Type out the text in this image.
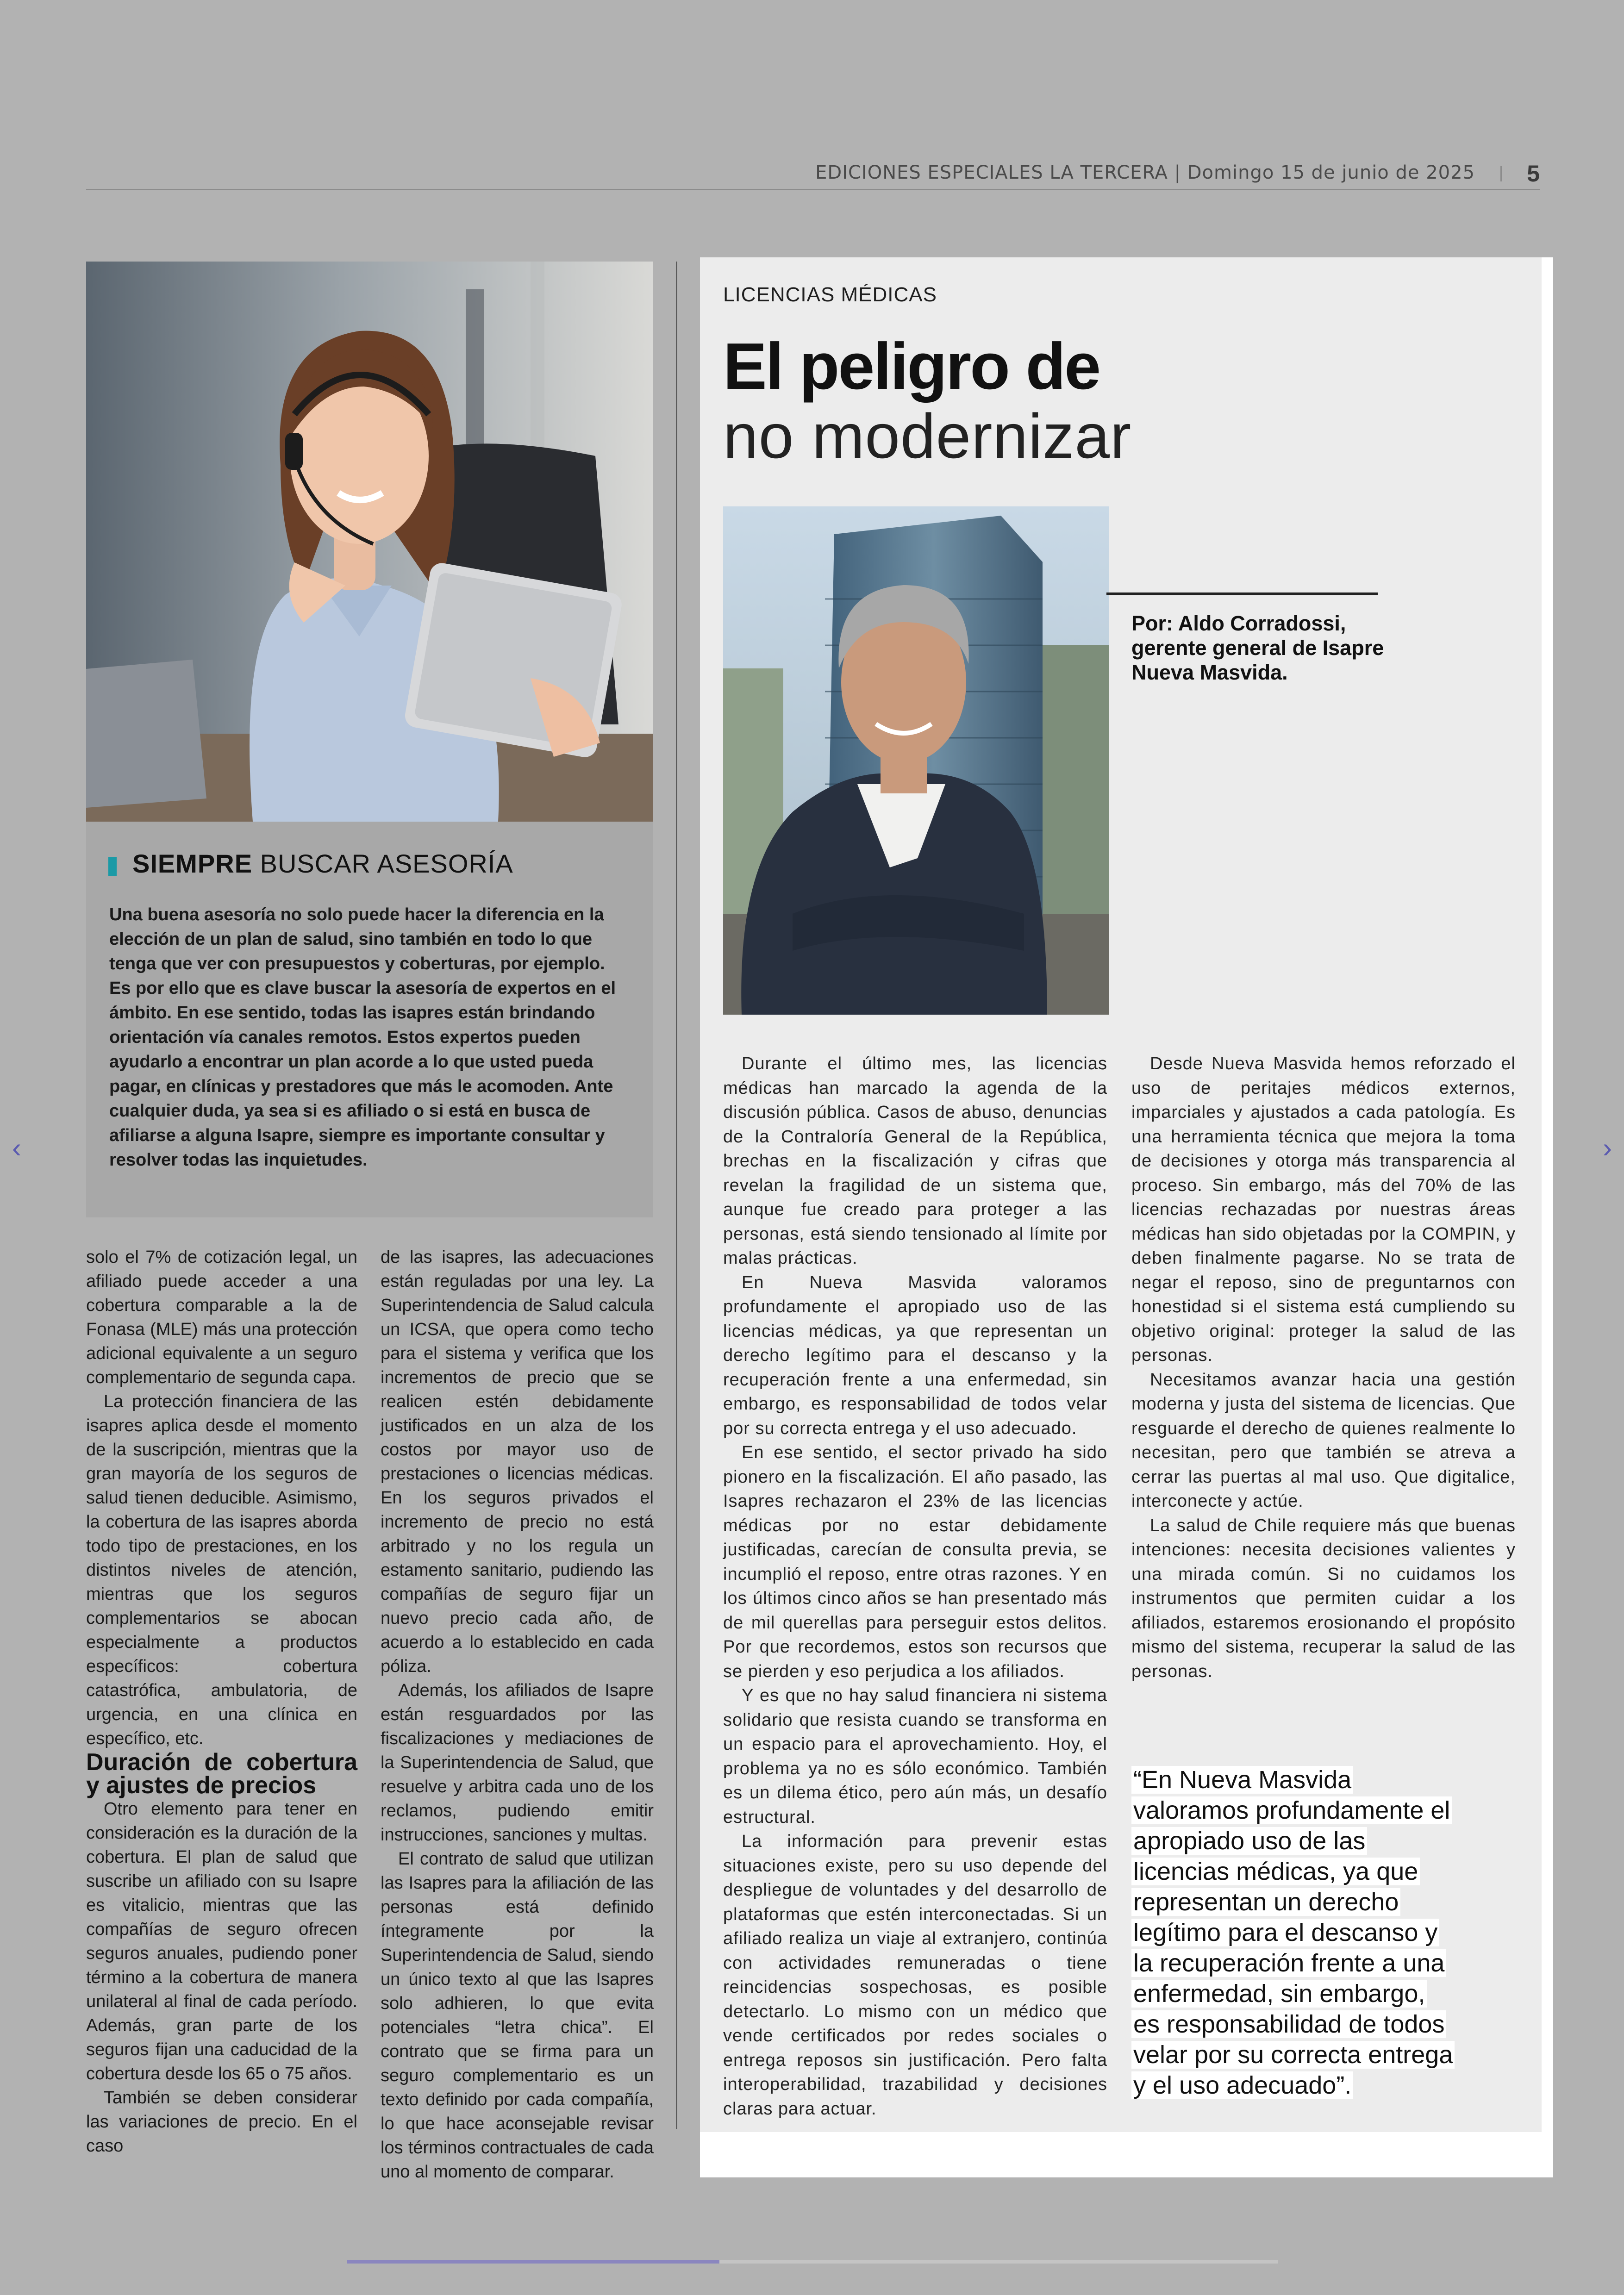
EDICIONES ESPECIALES LA TERCERA | Domingo 15 de junio de 2025 5
SIEMPRE BUSCAR ASESORÍA
Una buena asesoría no solo puede hacer la diferencia en la elección de un plan de salud, sino también en todo lo que tenga que ver con presupuestos y coberturas, por ejemplo. Es por ello que es clave buscar la asesoría de expertos en el ámbito. En ese sentido, todas las isapres están brindando orientación vía canales remotos. Estos expertos pueden ayudarlo a encontrar un plan acorde a lo que usted pueda pagar, en clínicas y prestadores que más le acomoden. Ante cualquier duda, ya sea si es afiliado o si está en busca de afiliarse a alguna Isapre, siempre es importante consultar y resolver todas las inquietudes.

solo el 7% de cotización legal, un afiliado puede acceder a una cobertura comparable a la de Fonasa (MLE) más una protección adicional equivalente a un seguro complementario de segunda capa.

La protección financiera de las isapres aplica desde el momento de la suscripción, mientras que la gran mayoría de los seguros de salud tienen deducible. Asimismo, la cobertura de las isapres aborda todo tipo de prestaciones, en los distintos niveles de atención, mientras que los seguros complementarios se abocan especialmente a productos específicos: cobertura catastrófica, ambulatoria, de urgencia, en una clínica en específico, etc.

Duración de cobertura y ajustes de precios

Otro elemento para tener en consideración es la duración de la cobertura. El plan de salud que suscribe un afiliado con su Isapre es vitalicio, mientras que las compañías de seguro ofrecen seguros anuales, pudiendo poner término a la cobertura de manera unilateral al final de cada período. Además, gran parte de los seguros fijan una caducidad de la cobertura desde los 65 o 75 años.

También se deben considerar las variaciones de precio. En el caso

de las isapres, las adecuaciones están reguladas por una ley. La Superintendencia de Salud calcula un ICSA, que opera como techo para el sistema y verifica que los incrementos de precio que se realicen estén debidamente justificados en un alza de los costos por mayor uso de prestaciones o licencias médicas. En los seguros privados el incremento de precio no está arbitrado y no los regula un estamento sanitario, pudiendo las compañías de seguro fijar un nuevo precio cada año, de acuerdo a lo establecido en cada póliza.

Además, los afiliados de Isapre están resguardados por las fiscalizaciones y mediaciones de la Superintendencia de Salud, que resuelve y arbitra cada uno de los reclamos, pudiendo emitir instrucciones, sanciones y multas.

El contrato de salud que utilizan las Isapres para la afiliación de las personas está definido íntegramente por la Superintendencia de Salud, siendo un único texto al que las Isapres solo adhieren, lo que evita potenciales “letra chica”. El contrato que se firma para un seguro complementario es un texto definido por cada compañía, lo que hace aconsejable revisar los términos contractuales de cada uno al momento de comparar.

LICENCIAS MÉDICAS
El peligro de
no modernizar
Por: Aldo Corradossi, gerente general de Isapre Nueva Masvida.

Durante el último mes, las licencias médicas han marcado la agenda de la discusión pública. Casos de abuso, denuncias de la Contraloría General de la República, brechas en la fiscalización y cifras que revelan la fragilidad de un sistema que, aunque fue creado para proteger a las personas, está siendo tensionado al límite por malas prácticas.

En Nueva Masvida valoramos profundamente el apropiado uso de las licencias médicas, ya que representan un derecho legítimo para el descanso y la recuperación frente a una enfermedad, sin embargo, es responsabilidad de todos velar por su correcta entrega y el uso adecuado.

En ese sentido, el sector privado ha sido pionero en la fiscalización. El año pasado, las Isapres rechazaron el 23% de las licencias médicas por no estar debidamente justificadas, carecían de consulta previa, se incumplió el reposo, entre otras razones. Y en los últimos cinco años se han presentado más de mil querellas para perseguir estos delitos. Por que recordemos, estos son recursos que se pierden y eso perjudica a los afiliados.

Y es que no hay salud financiera ni sistema solidario que resista cuando se transforma en un espacio para el aprovechamiento. Hoy, el problema ya no es sólo económico. También es un dilema ético, pero aún más, un desafío estructural.

La información para prevenir estas situaciones existe, pero su uso depende del despliegue de voluntades y del desarrollo de plataformas que estén interconectadas. Si un afiliado realiza un viaje al extranjero, continúa con actividades remuneradas o tiene reincidencias sospechosas, es posible detectarlo. Lo mismo con un médico que vende certificados por redes sociales o entrega reposos sin justificación. Pero falta interoperabilidad, trazabilidad y decisiones claras para actuar.

Desde Nueva Masvida hemos reforzado el uso de peritajes médicos externos, imparciales y ajustados a cada patología. Es una herramienta técnica que mejora la toma de decisiones y otorga más transparencia al proceso. Sin embargo, más del 70% de las licencias rechazadas por nuestras áreas médicas han sido objetadas por la COMPIN, y deben finalmente pagarse. No se trata de negar el reposo, sino de preguntarnos con honestidad si el sistema está cumpliendo su objetivo original: proteger la salud de las personas.

Necesitamos avanzar hacia una gestión moderna y justa del sistema de licencias. Que resguarde el derecho de quienes realmente lo necesitan, pero que también se atreva a cerrar las puertas al mal uso. Que digitalice, interconecte y actúe.

La salud de Chile requiere más que buenas intenciones: necesita decisiones valientes y una mirada común. Si no cuidamos los instrumentos que permiten cuidar a los afiliados, estaremos erosionando el propósito mismo del sistema, recuperar la salud de las personas.

“En Nueva Masvida valoramos profundamente el apropiado uso de las licencias médicas, ya que representan un derecho legítimo para el descanso y la recuperación frente a una enfermedad, sin embargo, es responsabilidad de todos velar por su correcta entrega y el uso adecuado”.
‹	›
